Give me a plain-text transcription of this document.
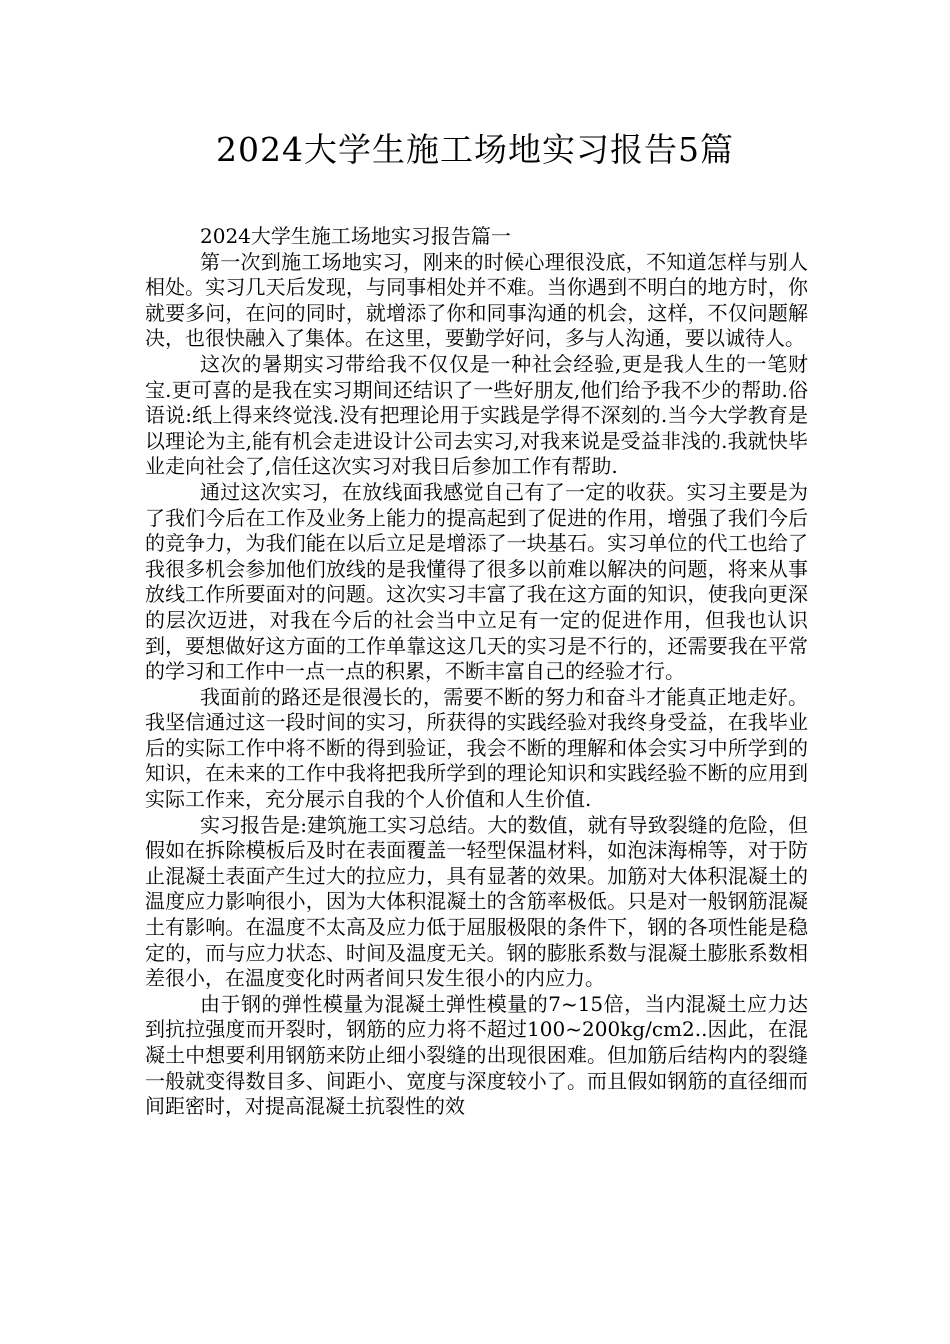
2024大学生施工场地实习报告5篇
2024大学生施工场地实习报告篇一

第一次到施工场地实习，刚来的时候心理很没底，不知道怎样与别人相处。实习几天后发现，与同事相处并不难。当你遇到不明白的地方时，你就要多问，在问的同时，就增添了你和同事沟通的机会，这样，不仅问题解决，也很快融入了集体。在这里，要勤学好问，多与人沟通，要以诚待人。

这次的暑期实习带给我不仅仅是一种社会经验,更是我人生的一笔财宝.更可喜的是我在实习期间还结识了一些好朋友,他们给予我不少的帮助.俗语说:纸上得来终觉浅.没有把理论用于实践是学得不深刻的.当今大学教育是以理论为主,能有机会走进设计公司去实习,对我来说是受益非浅的.我就快毕业走向社会了,信任这次实习对我日后参加工作有帮助.

通过这次实习，在放线面我感觉自己有了一定的收获。实习主要是为了我们今后在工作及业务上能力的提高起到了促进的作用，增强了我们今后的竞争力，为我们能在以后立足是增添了一块基石。实习单位的代工也给了我很多机会参加他们放线的是我懂得了很多以前难以解决的问题，将来从事放线工作所要面对的问题。这次实习丰富了我在这方面的知识，使我向更深的层次迈进，对我在今后的社会当中立足有一定的促进作用，但我也认识到，要想做好这方面的工作单靠这这几天的实习是不行的，还需要我在平常的学习和工作中一点一点的积累，不断丰富自己的经验才行。

我面前的路还是很漫长的，需要不断的努力和奋斗才能真正地走好。我坚信通过这一段时间的实习，所获得的实践经验对我终身受益，在我毕业后的实际工作中将不断的得到验证，我会不断的理解和体会实习中所学到的知识，在未来的工作中我将把我所学到的理论知识和实践经验不断的应用到实际工作来，充分展示自我的个人价值和人生价值.

实习报告是:建筑施工实习总结。大的数值，就有导致裂缝的危险，但假如在拆除模板后及时在表面覆盖一轻型保温材料，如泡沫海棉等，对于防止混凝土表面产生过大的拉应力，具有显著的效果。加筋对大体积混凝土的温度应力影响很小，因为大体积混凝土的含筋率极低。只是对一般钢筋混凝土有影响。在温度不太高及应力低于屈服极限的条件下，钢的各项性能是稳定的，而与应力状态、时间及温度无关。钢的膨胀系数与混凝土膨胀系数相差很小，在温度变化时两者间只发生很小的内应力。

由于钢的弹性模量为混凝土弹性模量的7~15倍，当内混凝土应力达到抗拉强度而开裂时，钢筋的应力将不超过100~200kg/cm2..因此，在混凝土中想要利用钢筋来防止细小裂缝的出现很困难。但加筋后结构内的裂缝一般就变得数目多、间距小、宽度与深度较小了。而且假如钢筋的直径细而间距密时，对提高混凝土抗裂性的效
